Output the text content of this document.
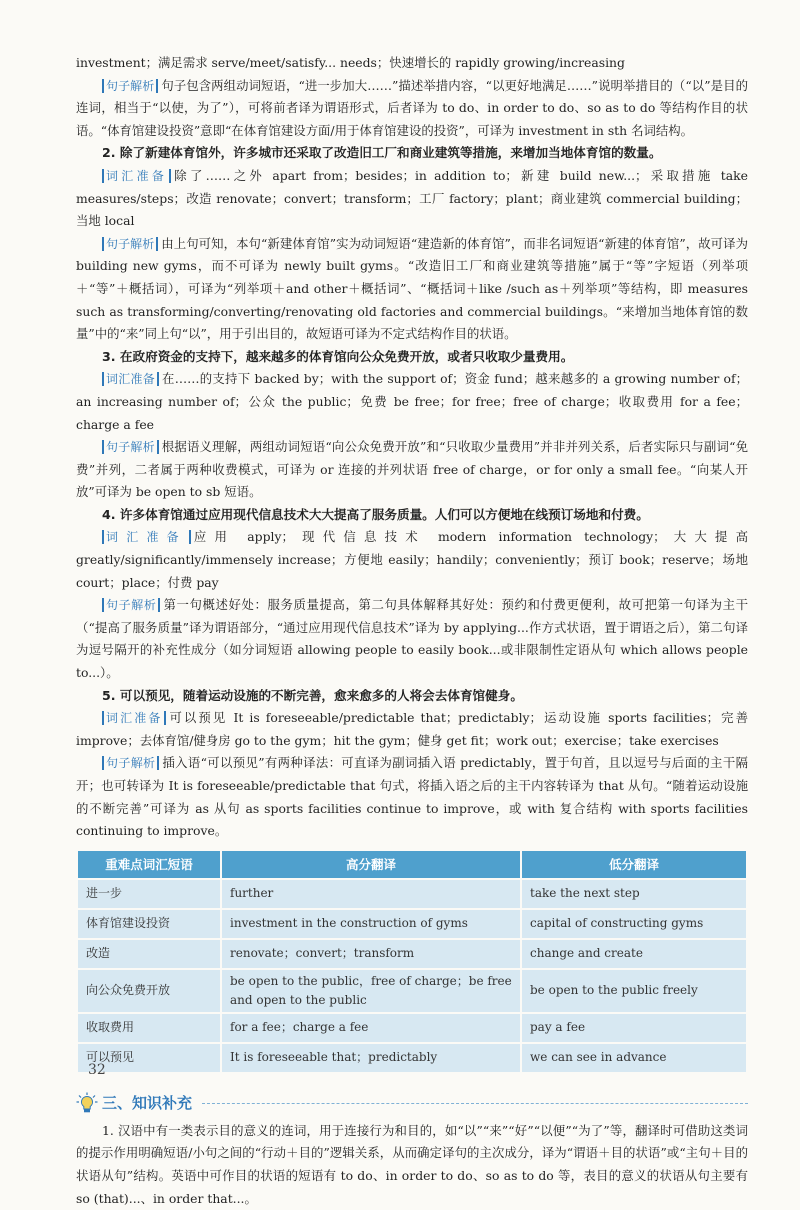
investment；满足需求 serve/meet/satisfy... needs；快速增长的 rapidly growing/increasing

句子解析 句子包含两组动词短语，“进一步加大……”描述举措内容，“以更好地满足……”说明举措目的（“以”是目的连词，相当于“以使，为了”），可将前者译为谓语形式，后者译为 to do、in order to do、so as to do 等结构作目的状语。“体育馆建设投资”意即“在体育馆建设方面/用于体育馆建设的投资”，可译为 investment in sth 名词结构。

2. 除了新建体育馆外，许多城市还采取了改造旧工厂和商业建筑等措施，来增加当地体育馆的数量。

词汇准备 除了……之外 apart from；besides；in addition to；新建 build new...；采取措施 take measures/steps；改造 renovate；convert；transform；工厂 factory；plant；商业建筑 commercial building；当地 local

句子解析 由上句可知，本句“新建体育馆”实为动词短语“建造新的体育馆”，而非名词短语“新建的体育馆”，故可译为 building new gyms，而不可译为 newly built gyms。“改造旧工厂和商业建筑等措施”属于“等”字短语（列举项＋“等”＋概括词），可译为“列举项＋and other＋概括词”、“概括词＋like /such as＋列举项”等结构，即 measures such as transforming/converting/renovating old factories and commercial buildings。“来增加当地体育馆的数量”中的“来”同上句“以”，用于引出目的，故短语可译为不定式结构作目的状语。

3. 在政府资金的支持下，越来越多的体育馆向公众免费开放，或者只收取少量费用。

词汇准备 在……的支持下 backed by；with the support of；资金 fund；越来越多的 a growing number of；an increasing number of；公众 the public；免费 be free；for free；free of charge；收取费用 for a fee；charge a fee

句子解析 根据语义理解，两组动词短语“向公众免费开放”和“只收取少量费用”并非并列关系，后者实际只与副词“免费”并列，二者属于两种收费模式，可译为 or 连接的并列状语 free of charge，or for only a small fee。“向某人开放”可译为 be open to sb 短语。

4. 许多体育馆通过应用现代信息技术大大提高了服务质量。人们可以方便地在线预订场地和付费。

词汇准备 应用 apply；现代信息技术 modern information technology；大大提高 greatly/significantly/immensely increase；方便地 easily；handily；conveniently；预订 book；reserve；场地 court；place；付费 pay

句子解析 第一句概述好处：服务质量提高，第二句具体解释其好处：预约和付费更便利，故可把第一句译为主干（“提高了服务质量”译为谓语部分，“通过应用现代信息技术”译为 by applying...作方式状语，置于谓语之后），第二句译为逗号隔开的补充性成分（如分词短语 allowing people to easily book...或非限制性定语从句 which allows people to...）。

5. 可以预见，随着运动设施的不断完善，愈来愈多的人将会去体育馆健身。

词汇准备 可以预见 It is foreseeable/predictable that；predictably；运动设施 sports facilities；完善 improve；去体育馆/健身房 go to the gym；hit the gym；健身 get fit；work out；exercise；take exercises

句子解析 插入语“可以预见”有两种译法：可直译为副词插入语 predictably，置于句首，且以逗号与后面的主干隔开；也可转译为 It is foreseeable/predictable that 句式，将插入语之后的主干内容转译为 that 从句。“随着运动设施的不断完善”可译为 as 从句 as sports facilities continue to improve，或 with 复合结构 with sports facilities continuing to improve。

重难点词汇短语	高分翻译	低分翻译
进一步	further	take the next step
体育馆建设投资	investment in the construction of gyms	capital of constructing gyms
改造	renovate；convert；transform	change and create
向公众免费开放	be open to the public，free of charge；be free and open to the public	be open to the public freely
收取费用	for a fee；charge a fee	pay a fee
可以预见	It is foreseeable that；predictably	we can see in advance
三、知识补充

1. 汉语中有一类表示目的意义的连词，用于连接行为和目的，如“以”“来”“好”“以便”“为了”等，翻译时可借助这类词的提示作用明确短语/小句之间的“行动＋目的”逻辑关系，从而确定译句的主次成分，译为“谓语＋目的状语”或“主句＋目的状语从句”结构。英语中可作目的状语的短语有 to do、in order to do、so as to do 等，表目的意义的状语从句主要有 so (that)...、in order that...。

32
